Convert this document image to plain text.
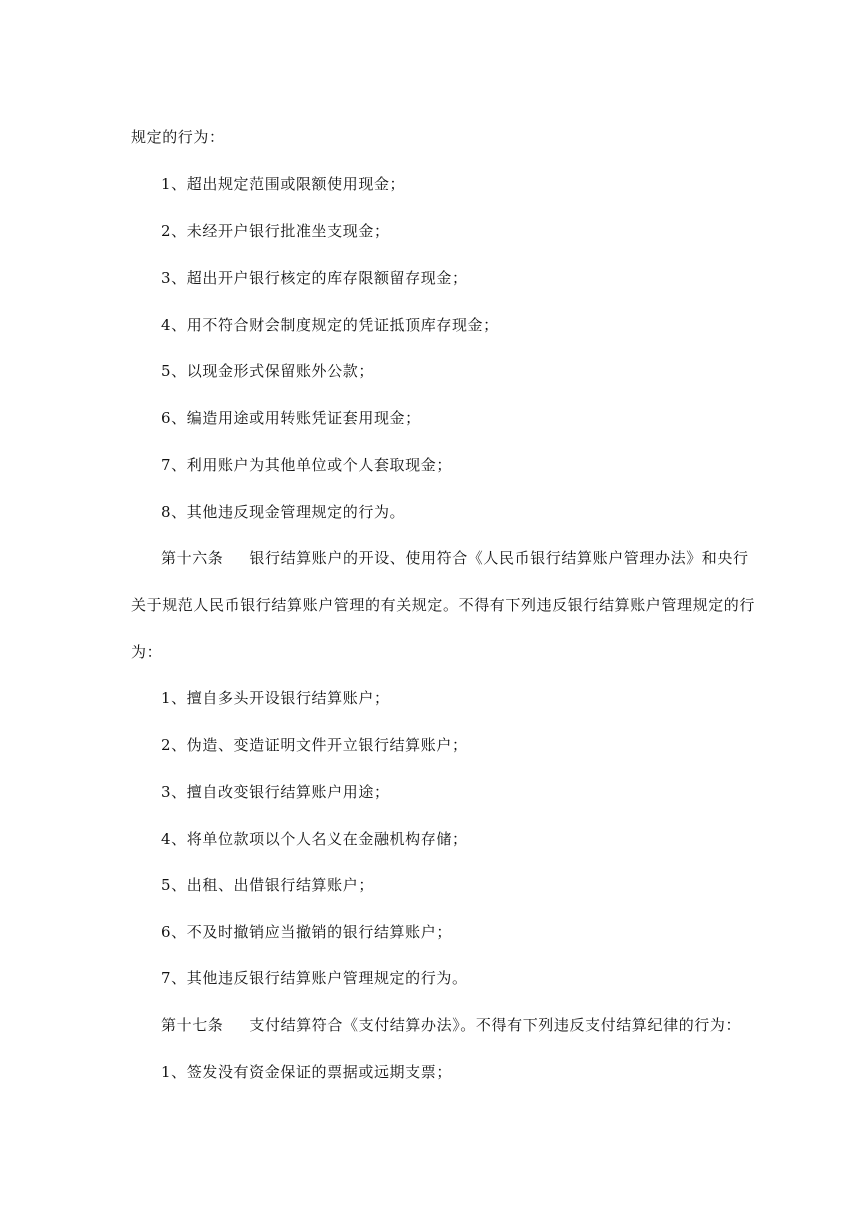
规定的行为：
1、超出规定范围或限额使用现金；
2、未经开户银行批准坐支现金；
3、超出开户银行核定的库存限额留存现金；
4、用不符合财会制度规定的凭证抵顶库存现金；
5、以现金形式保留账外公款；
6、编造用途或用转账凭证套用现金；
7、利用账户为其他单位或个人套取现金；
8、其他违反现金管理规定的行为。
第十六条 银行结算账户的开设、使用符合《人民币银行结算账户管理办法》和央行
关于规范人民币银行结算账户管理的有关规定。不得有下列违反银行结算账户管理规定的行
为：
1、擅自多头开设银行结算账户；
2、伪造、变造证明文件开立银行结算账户；
3、擅自改变银行结算账户用途；
4、将单位款项以个人名义在金融机构存储；
5、出租、出借银行结算账户；
6、不及时撤销应当撤销的银行结算账户；
7、其他违反银行结算账户管理规定的行为。
第十七条 支付结算符合《支付结算办法》。不得有下列违反支付结算纪律的行为：
1、签发没有资金保证的票据或远期支票；
